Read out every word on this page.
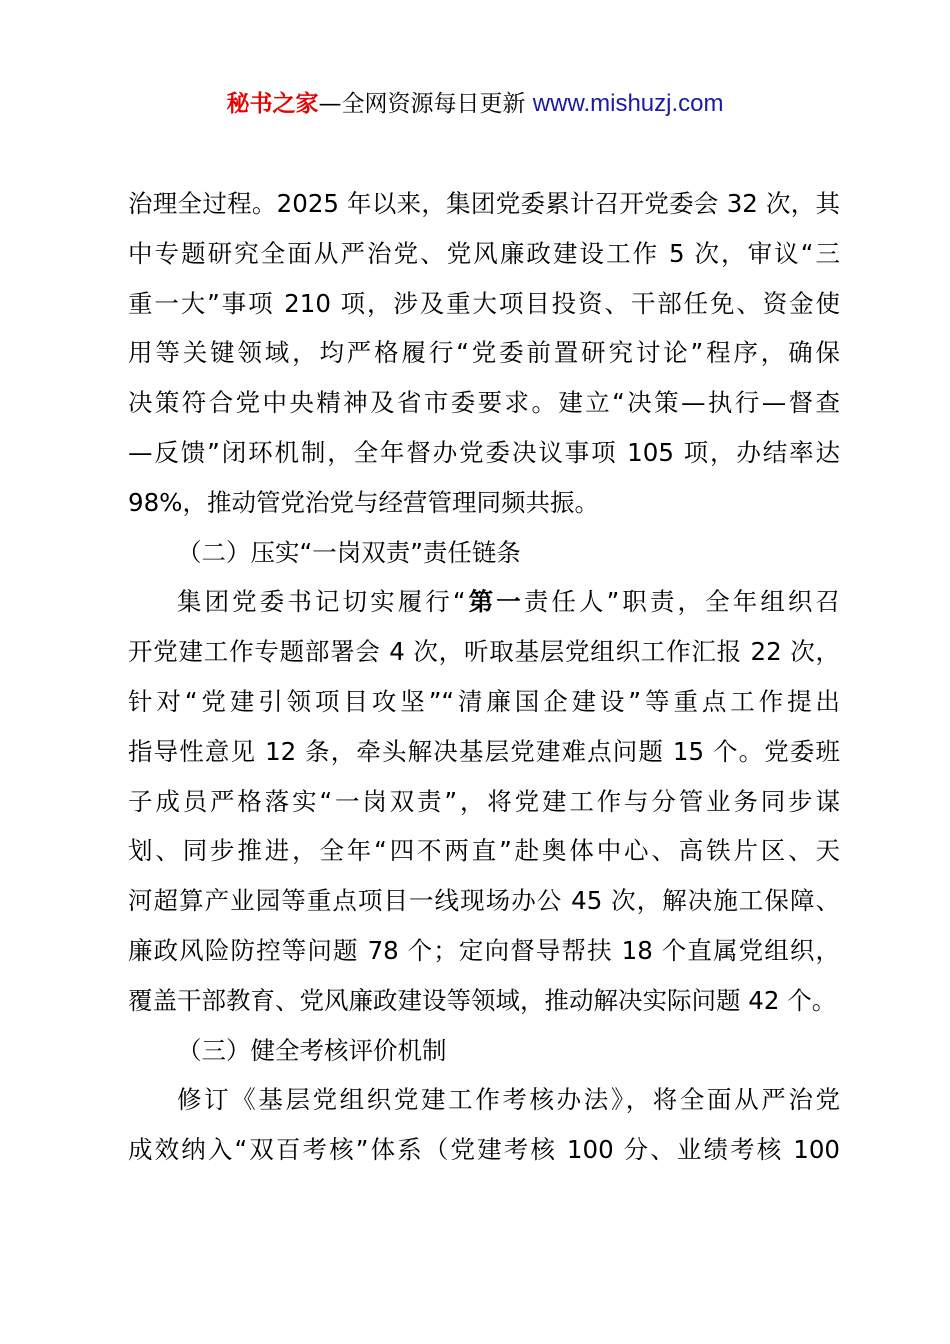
秘书之家—全网资源每日更新 www.mishuzj.com
治理全过程。2025 年以来，集团党委累计召开党委会 32 次，其
中专题研究全面从严治党、党风廉政建设工作 5 次，审议“三
重一大”事项 210 项，涉及重大项目投资、干部任免、资金使
用等关键领域，均严格履行“党委前置研究讨论”程序，确保
决策符合党中央精神及省市委要求。建立“决策—执行—督查
—反馈”闭环机制，全年督办党委决议事项 105 项，办结率达
98%，推动管党治党与经营管理同频共振。
（二）压实“一岗双责”责任链条
集团党委书记切实履行“第一责任人”职责，全年组织召
开党建工作专题部署会 4 次，听取基层党组织工作汇报 22 次，
针对“党建引领项目攻坚”“清廉国企建设”等重点工作提出
指导性意见 12 条，牵头解决基层党建难点问题 15 个。党委班
子成员严格落实“一岗双责”，将党建工作与分管业务同步谋
划、同步推进，全年“四不两直”赴奥体中心、高铁片区、天
河超算产业园等重点项目一线现场办公 45 次，解决施工保障、
廉政风险防控等问题 78 个；定向督导帮扶 18 个直属党组织，
覆盖干部教育、党风廉政建设等领域，推动解决实际问题 42 个。
（三）健全考核评价机制
修订《基层党组织党建工作考核办法》，将全面从严治党
成效纳入“双百考核”体系（党建考核 100 分、业绩考核 100
